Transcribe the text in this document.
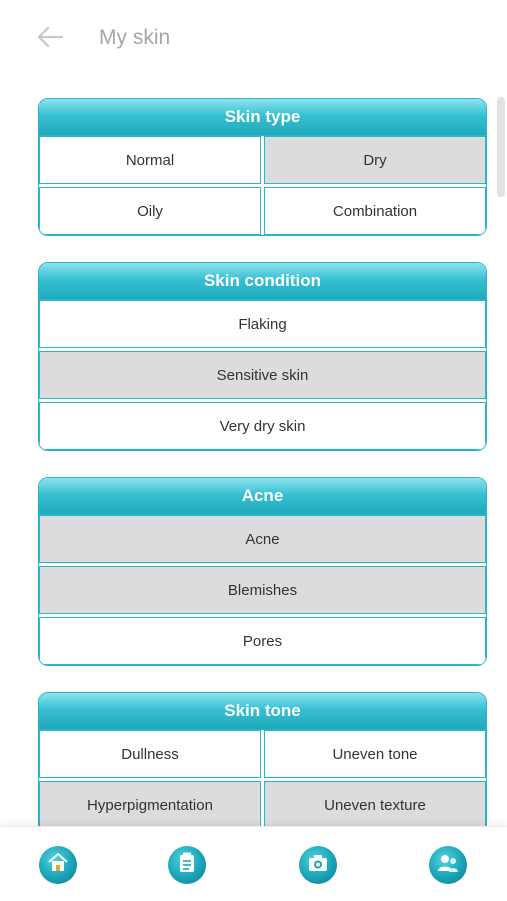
My skin
Skin type
Normal	Dry
Oily	Combination
Skin condition
Flaking
Sensitive skin
Very dry skin
Acne
Acne
Blemishes
Pores
Skin tone
Dullness	Uneven tone
Hyperpigmentation	Uneven texture
